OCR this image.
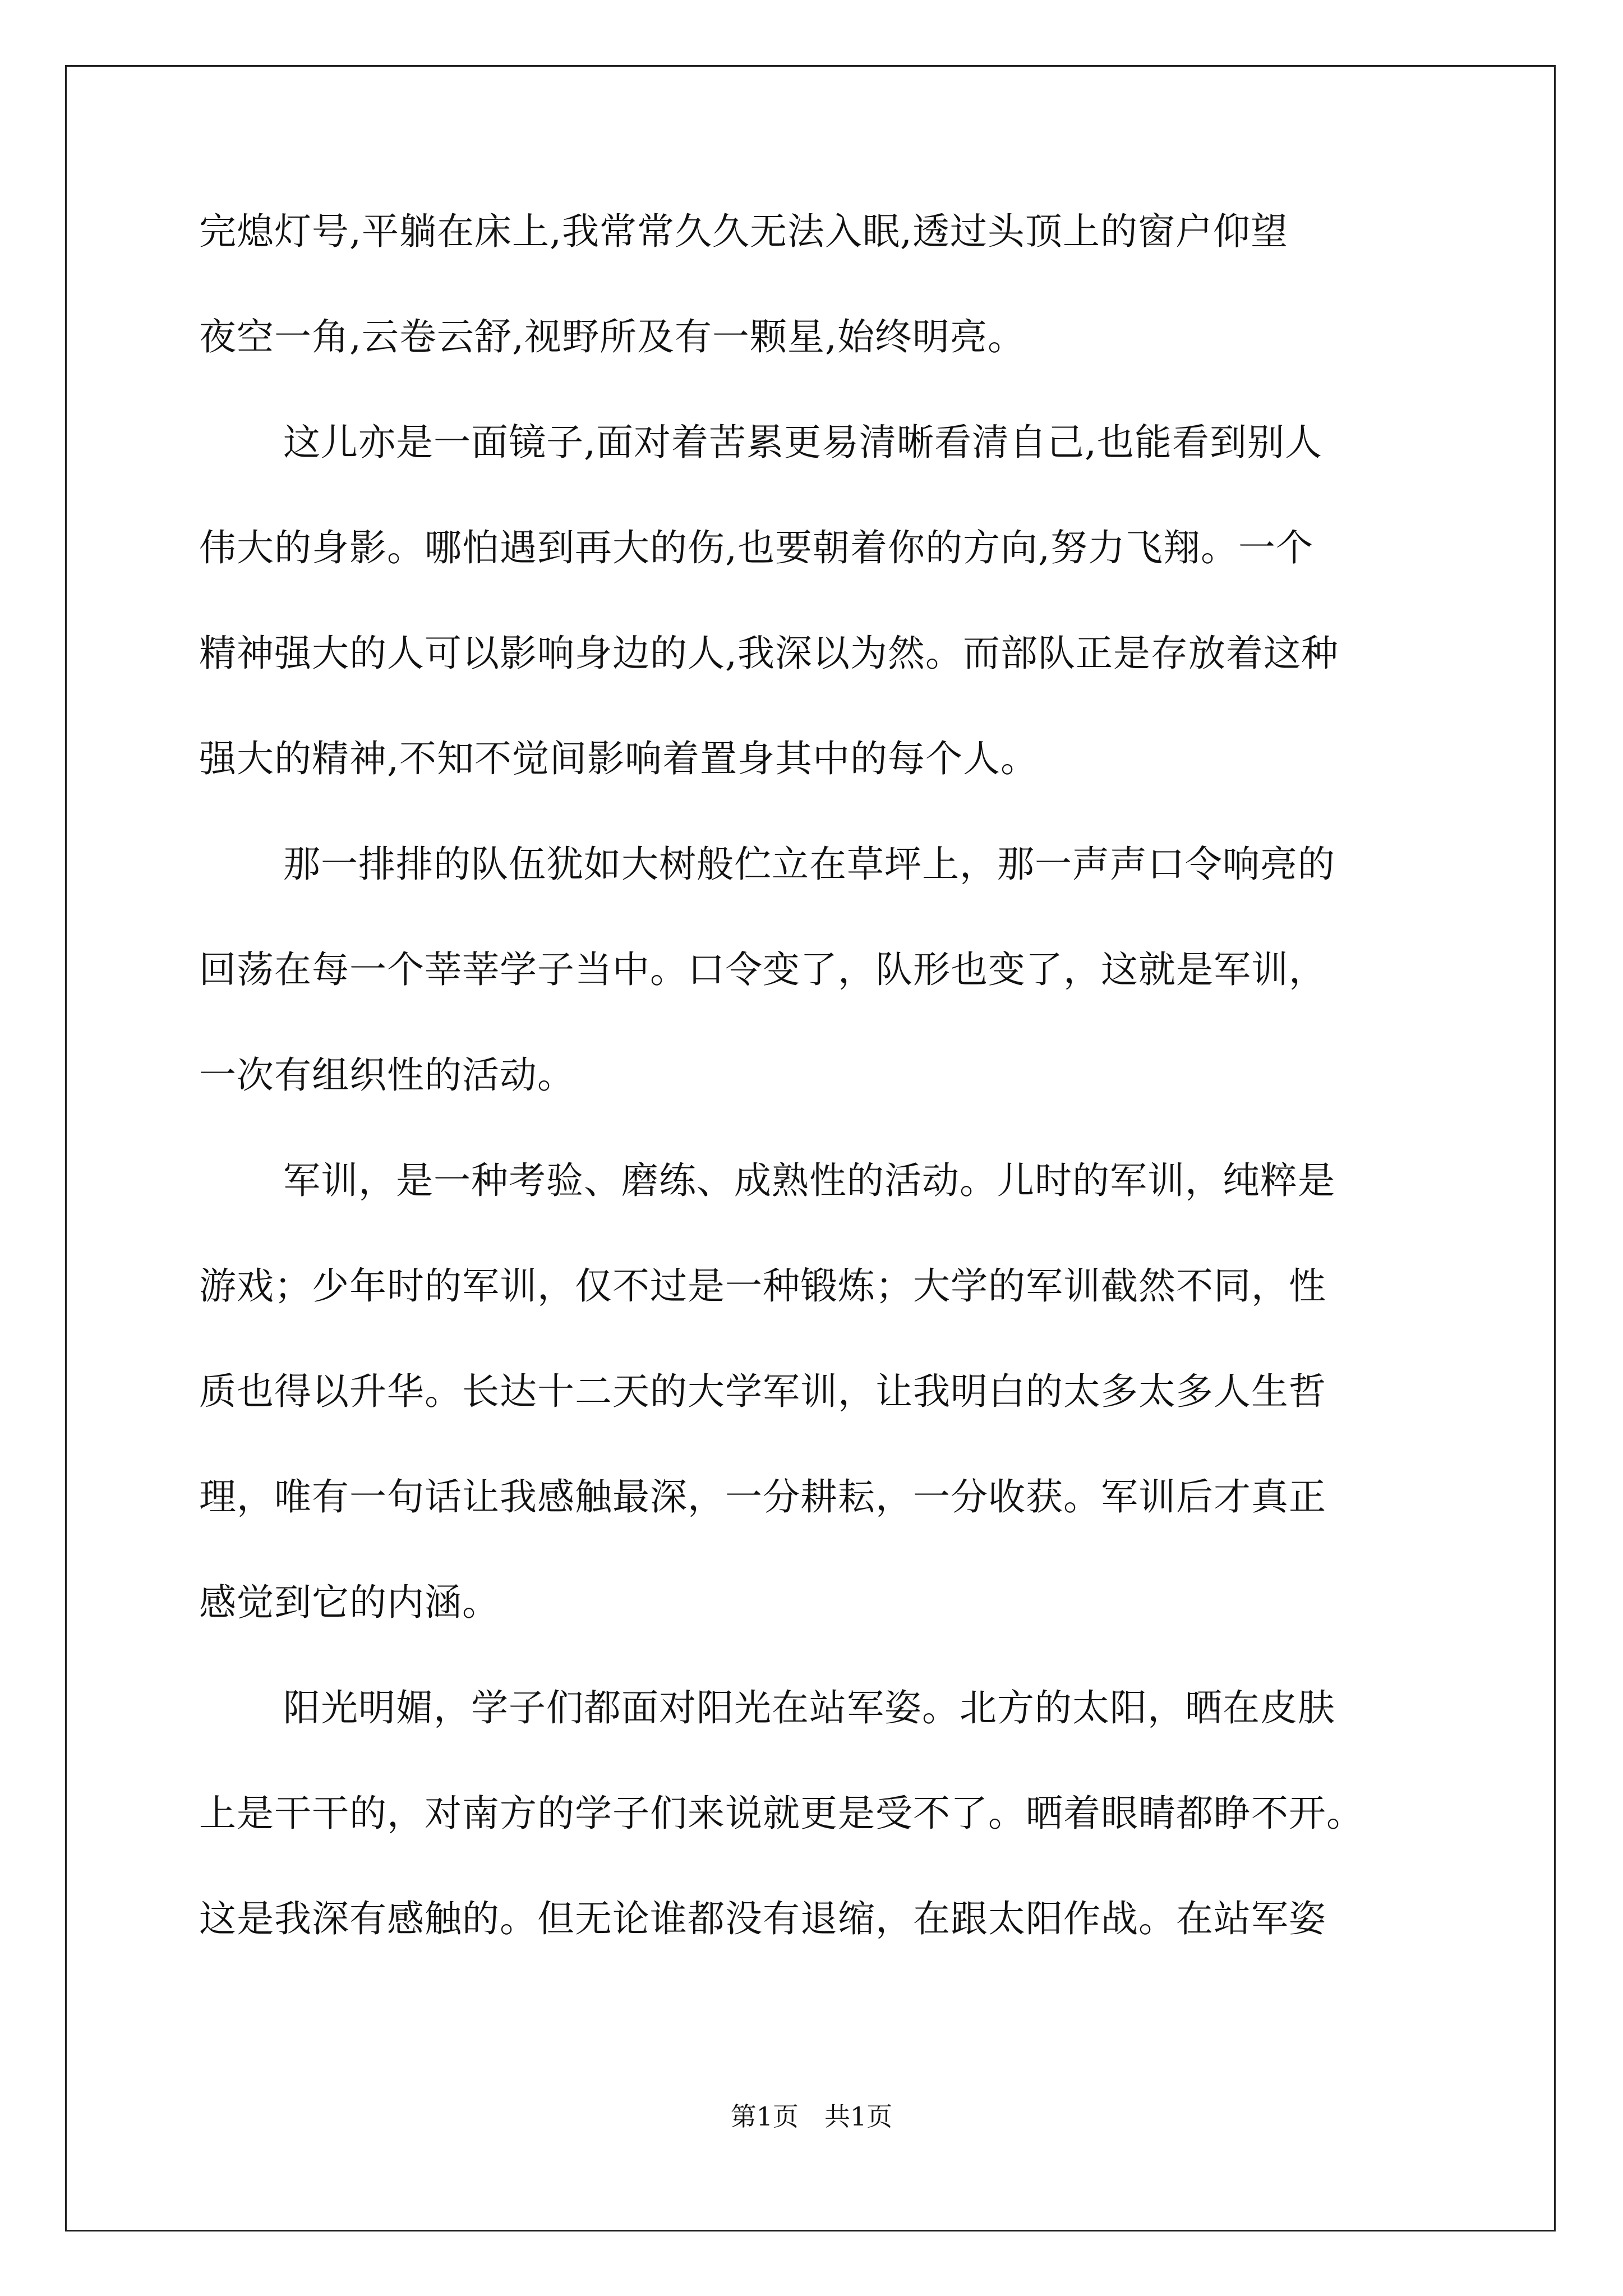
完熄灯号,平躺在床上,我常常久久无法入眠,透过头顶上的窗户仰望
夜空一角,云卷云舒,视野所及有一颗星,始终明亮。
这儿亦是一面镜子,面对着苦累更易清晰看清自己,也能看到别人
伟大的身影。哪怕遇到再大的伤,也要朝着你的方向,努力飞翔。一个
精神强大的人可以影响身边的人,我深以为然。而部队正是存放着这种
强大的精神,不知不觉间影响着置身其中的每个人。
那一排排的队伍犹如大树般伫立在草坪上，那一声声口令响亮的
回荡在每一个莘莘学子当中。口令变了，队形也变了，这就是军训，
一次有组织性的活动。
军训，是一种考验、磨练、成熟性的活动。儿时的军训，纯粹是
游戏；少年时的军训，仅不过是一种锻炼；大学的军训截然不同，性
质也得以升华。长达十二天的大学军训，让我明白的太多太多人生哲
理，唯有一句话让我感触最深，一分耕耘，一分收获。军训后才真正
感觉到它的内涵。
阳光明媚，学子们都面对阳光在站军姿。北方的太阳，晒在皮肤
上是干干的，对南方的学子们来说就更是受不了。晒着眼睛都睁不开。
这是我深有感触的。但无论谁都没有退缩，在跟太阳作战。在站军姿
第1页　共1页
